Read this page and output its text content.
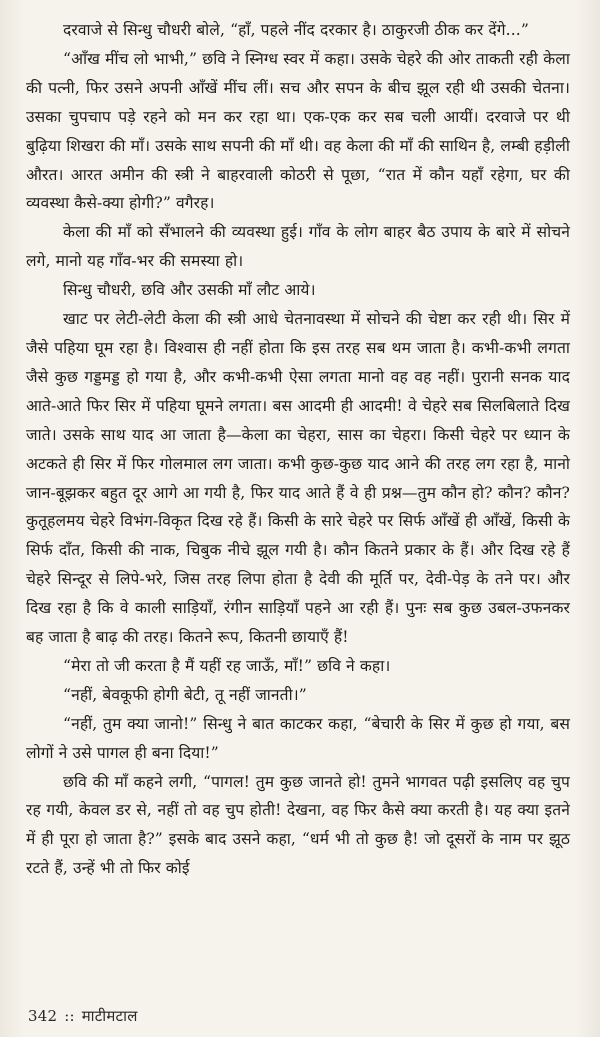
दरवाजे से सिन्धु चौधरी बोले, “हाँ, पहले नींद दरकार है। ठाकुरजी ठीक कर देंगे...”

“आँख मींच लो भाभी,” छवि ने स्निग्ध स्वर में कहा। उसके चेहरे की ओर ताकती रही केला की पत्नी, फिर उसने अपनी आँखें मींच लीं। सच और सपन के बीच झूल रही थी उसकी चेतना। उसका चुपचाप पड़े रहने को मन कर रहा था। एक-एक कर सब चली आयीं। दरवाजे पर थी बुढ़िया शिखरा की माँ। उसके साथ सपनी की माँ थी। वह केला की माँ की साथिन है, लम्बी हड़ीली औरत। आरत अमीन की स्त्री ने बाहरवाली कोठरी से पूछा, “रात में कौन यहाँ रहेगा, घर की व्यवस्था कैसे-क्या होगी?” वगैरह।

केला की माँ को सँभालने की व्यवस्था हुई। गाँव के लोग बाहर बैठ उपाय के बारे में सोचने लगे, मानो यह गाँव-भर की समस्या हो।

सिन्धु चौधरी, छवि और उसकी माँ लौट आये।

खाट पर लेटी-लेटी केला की स्त्री आधे चेतनावस्था में सोचने की चेष्टा कर रही थी। सिर में जैसे पहिया घूम रहा है। विश्वास ही नहीं होता कि इस तरह सब थम जाता है। कभी-कभी लगता जैसे कुछ गड्डमड्ड हो गया है, और कभी-कभी ऐसा लगता मानो वह वह नहीं। पुरानी सनक याद आते-आते फिर सिर में पहिया घूमने लगता। बस आदमी ही आदमी! वे चेहरे सब सिलबिलाते दिख जाते। उसके साथ याद आ जाता है—केला का चेहरा, सास का चेहरा। किसी चेहरे पर ध्यान के अटकते ही सिर में फिर गोलमाल लग जाता। कभी कुछ-कुछ याद आने की तरह लग रहा है, मानो जान-बूझकर बहुत दूर आगे आ गयी है, फिर याद आते हैं वे ही प्रश्न—तुम कौन हो? कौन? कौन? कुतूहलमय चेहरे विभंग-विकृत दिख रहे हैं। किसी के सारे चेहरे पर सिर्फ आँखें ही आँखें, किसी के सिर्फ दाँत, किसी की नाक, चिबुक नीचे झूल गयी है। कौन कितने प्रकार के हैं। और दिख रहे हैं चेहरे सिन्दूर से लिपे-भरे, जिस तरह लिपा होता है देवी की मूर्ति पर, देवी-पेड़ के तने पर। और दिख रहा है कि वे काली साड़ियाँ, रंगीन साड़ियाँ पहने आ रही हैं। पुनः सब कुछ उबल-उफनकर बह जाता है बाढ़ की तरह। कितने रूप, कितनी छायाएँ हैं!

“मेरा तो जी करता है मैं यहीं रह जाऊँ, माँ!” छवि ने कहा।

“नहीं, बेवकूफी होगी बेटी, तू नहीं जानती।”

“नहीं, तुम क्या जानो!” सिन्धु ने बात काटकर कहा, “बेचारी के सिर में कुछ हो गया, बस लोगों ने उसे पागल ही बना दिया!”

छवि की माँ कहने लगी, “पागल! तुम कुछ जानते हो! तुमने भागवत पढ़ी इसलिए वह चुप रह गयी, केवल डर से, नहीं तो वह चुप होती! देखना, वह फिर कैसे क्या करती है। यह क्या इतने में ही पूरा हो जाता है?” इसके बाद उसने कहा, “धर्म भी तो कुछ है! जो दूसरों के नाम पर झूठ रटते हैं, उन्हें भी तो फिर कोई

342 :: माटीमटाल
